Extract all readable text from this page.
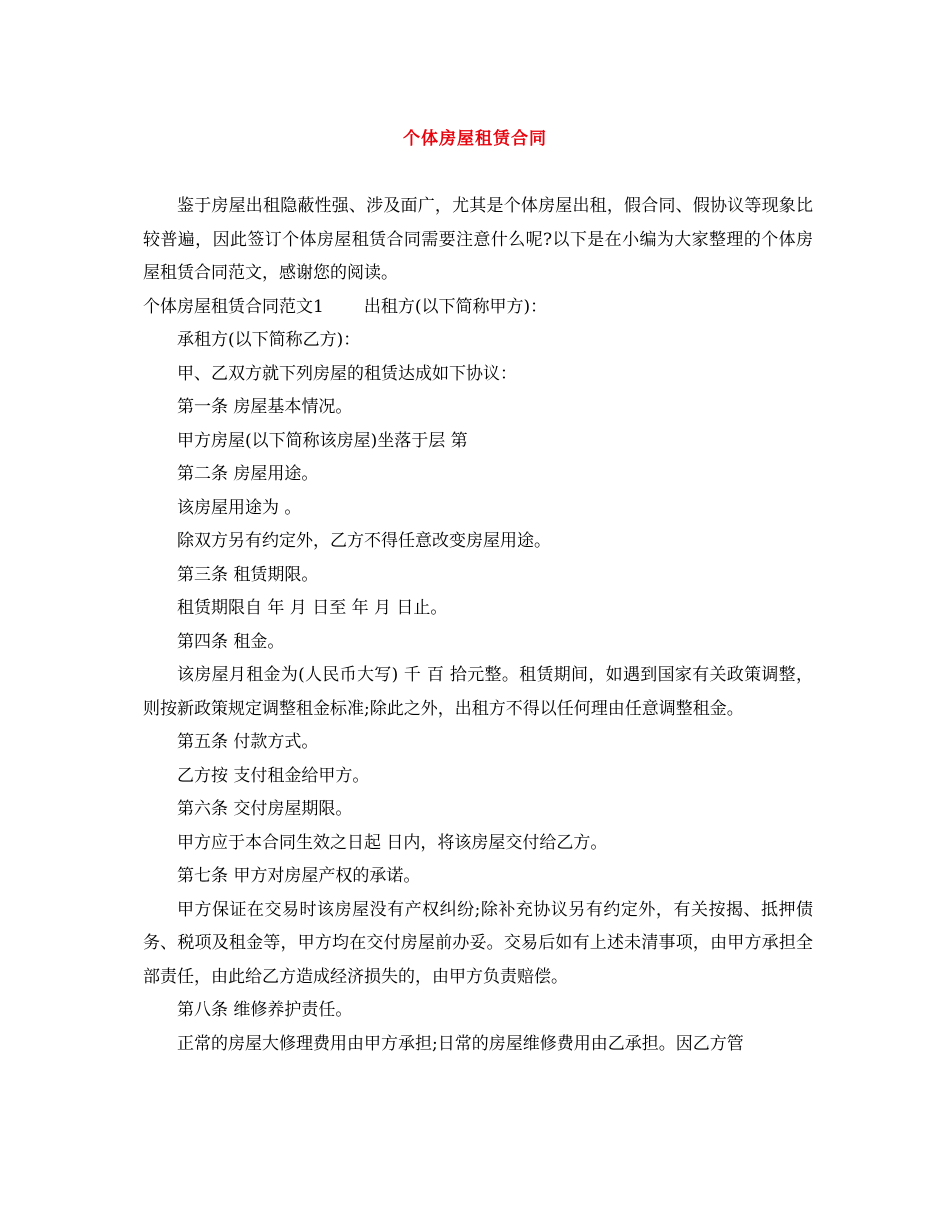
个体房屋租赁合同

鉴于房屋出租隐蔽性强、涉及面广，尤其是个体房屋出租，假合同、假协议等现象比较普遍，因此签订个体房屋租赁合同需要注意什么呢?以下是在小编为大家整理的个体房屋租赁合同范文，感谢您的阅读。

个体房屋租赁合同范文1 出租方(以下简称甲方)：

承租方(以下简称乙方)：

甲、乙双方就下列房屋的租赁达成如下协议：

第一条 房屋基本情况。

甲方房屋(以下简称该房屋)坐落于层 第

第二条 房屋用途。

该房屋用途为 。

除双方另有约定外，乙方不得任意改变房屋用途。

第三条 租赁期限。

租赁期限自 年 月 日至 年 月 日止。

第四条 租金。

该房屋月租金为(人民币大写) 千 百 拾元整。租赁期间，如遇到国家有关政策调整，则按新政策规定调整租金标准;除此之外，出租方不得以任何理由任意调整租金。

第五条 付款方式。

乙方按 支付租金给甲方。

第六条 交付房屋期限。

甲方应于本合同生效之日起 日内，将该房屋交付给乙方。

第七条 甲方对房屋产权的承诺。

甲方保证在交易时该房屋没有产权纠纷;除补充协议另有约定外，有关按揭、抵押债务、税项及租金等，甲方均在交付房屋前办妥。交易后如有上述未清事项，由甲方承担全部责任，由此给乙方造成经济损失的，由甲方负责赔偿。

第八条 维修养护责任。

正常的房屋大修理费用由甲方承担;日常的房屋维修费用由乙承担。因乙方管
